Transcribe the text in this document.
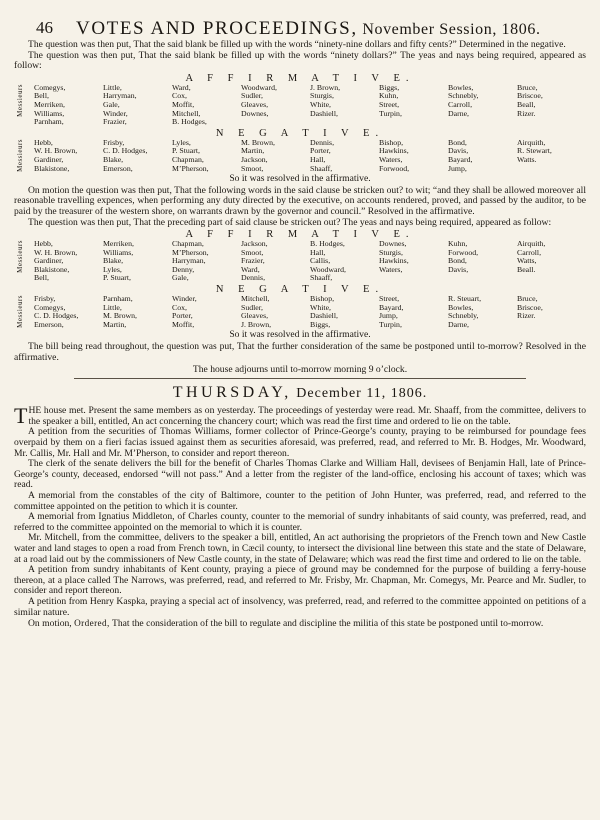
46 VOTES AND PROCEEDINGS, November Session, 1806.

The question was then put, That the said blank be filled up with the words “ninety-nine dollars and fifty cents?” Determined in the negative.

The question was then put, That the said blank be filled up with the words “ninety dollars?” The yeas and nays being required, appeared as follow:

A F F I R M A T I V E.
Messieurs Comegys,
Bell,
Merriken,
Williams,
Parnham,
Little,
Harryman,
Gale,
Winder,
Frazier,
Ward,
Cox,
Moffit,
Mitchell,
B. Hodges,
Woodward,
Sudler,
Gleaves,
Downes,
J. Brown,
Sturgis,
White,
Dashiell,
Biggs,
Kuhn,
Street,
Turpin,
Bowles,
Schnebly,
Carroll,
Darne,
Bruce,
Briscoe,
Beall,
Rizer.
N E G A T I V E.
Messieurs Hebb,
W. H. Brown,
Gardiner,
Blakistone,
Frisby,
C. D. Hodges,
Blake,
Emerson,
Lyles,
P. Stuart,
Chapman,
M’Pherson,
M. Brown,
Martin,
Jackson,
Smoot,
Dennis,
Porter,
Hall,
Shaaff,
Bishop,
Hawkins,
Waters,
Forwood,
Bond,
Davis,
Bayard,
Jump,
Airquith,
R. Stewart,
Watts.
So it was resolved in the affirmative.

On motion the question was then put, That the following words in the said clause be stricken out? to wit; “and they shall be allowed moreover all reasonable travelling expences, when performing any duty directed by the executive, on accounts rendered, proved, and passed by the auditor, to be paid by the treasurer of the western shore, on warrants drawn by the governor and council.” Resolved in the affirmative.

The question was then put, That the preceding part of said clause be stricken out? The yeas and nays being required, appeared as follow:

A F F I R M A T I V E.
Messieurs Hebb,
W. H. Brown,
Gardiner,
Blakistone,
Bell,
Merriken,
Williams,
Blake,
Lyles,
P. Stuart,
Chapman,
M’Pherson,
Harryman,
Denny,
Gale,
Jackson,
Smoot,
Frazier,
Ward,
Dennis,
B. Hodges,
Hall,
Callis,
Woodward,
Shaaff,
Downes,
Sturgis,
Hawkins,
Waters,
Kuhn,
Forwood,
Bond,
Davis,
Airquith,
Carroll,
Watts,
Beall.
N E G A T I V E.
Messieurs Frisby,
Comegys,
C. D. Hodges,
Emerson,
Parnham,
Little,
M. Brown,
Martin,
Winder,
Cox,
Porter,
Moffit,
Mitchell,
Sudler,
Gleaves,
J. Brown,
Bishop,
White,
Dashiell,
Biggs,
Street,
Bayard,
Jump,
Turpin,
R. Steuart,
Bowles,
Schnebly,
Darne,
Bruce,
Briscoe,
Rizer.
So it was resolved in the affirmative.

The bill being read throughout, the question was put, That the further consideration of the same be postponed until to-morrow? Resolved in the affirmative.

The house adjourns until to-morrow morning 9 o’clock.
THURSDAY, December 11, 1806.

THE house met. Present the same members as on yesterday. The proceedings of yesterday were read. Mr. Shaaff, from the committee, delivers to the speaker a bill, entitled, An act concerning the chancery court; which was read the first time and ordered to lie on the table.

A petition from the securities of Thomas Williams, former collector of Prince-George’s county, praying to be reimbursed for poundage fees overpaid by them on a fieri facias issued against them as securities aforesaid, was preferred, read, and referred to Mr. B. Hodges, Mr. Woodward, Mr. Callis, Mr. Hall and Mr. M’Pherson, to consider and report thereon.

The clerk of the senate delivers the bill for the benefit of Charles Thomas Clarke and William Hall, devisees of Benjamin Hall, late of Prince-George’s county, deceased, endorsed “will not pass.” And a letter from the register of the land-office, enclosing his account of taxes; which was read.

A memorial from the constables of the city of Baltimore, counter to the petition of John Hunter, was preferred, read, and referred to the committee appointed on the petition to which it is counter.

A memorial from Ignatius Middleton, of Charles county, counter to the memorial of sundry inhabitants of said county, was preferred, read, and referred to the committee appointed on the memorial to which it is counter.

Mr. Mitchell, from the committee, delivers to the speaker a bill, entitled, An act authorising the proprietors of the French town and New Castle water and land stages to open a road from French town, in Cæcil county, to intersect the divisional line between this state and the state of Delaware, at a road laid out by the commissioners of New Castle county, in the state of Delaware; which was read the first time and ordered to lie on the table.

A petition from sundry inhabitants of Kent county, praying a piece of ground may be condemned for the purpose of building a ferry-house thereon, at a place called The Narrows, was preferred, read, and referred to Mr. Frisby, Mr. Chapman, Mr. Comegys, Mr. Pearce and Mr. Sudler, to consider and report thereon.

A petition from Henry Kaspka, praying a special act of insolvency, was preferred, read, and referred to the committee appointed on petitions of a similar nature.

On motion, Ordered, That the consideration of the bill to regulate and discipline the militia of this state be postponed until to-morrow.
